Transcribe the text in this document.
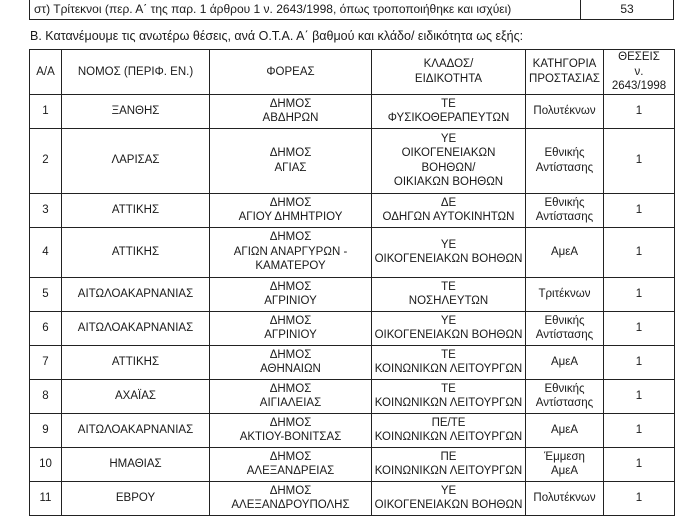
στ) Τρίτεκνοι (περ. Α΄ της παρ. 1 άρθρου 1 ν. 2643/1998, όπως τροποποιήθηκε και ισχύει)	53
Β. Κατανέμουμε τις ανωτέρω θέσεις, ανά Ο.Τ.Α. Α΄ βαθμού και κλάδο/ ειδικότητα ως εξής:
Α/Α	ΝΟΜΟΣ (ΠΕΡΙΦ. ΕΝ.)	ΦΟΡΕΑΣ	ΚΛΑΔΟΣ/
ΕΙΔΙΚΟΤΗΤΑ	ΚΑΤΗΓΟΡΙΑ
ΠΡΟΣΤΑΣΙΑΣ	ΘΕΣΕΙΣ
ν. 2643/1998
1	ΞΑΝΘΗΣ	ΔΗΜΟΣ
ΑΒΔΗΡΩΝ	ΤΕ
ΦΥΣΙΚΟΘΕΡΑΠΕΥΤΩΝ	Πολυτέκνων	1
2	ΛΑΡΙΣΑΣ	ΔΗΜΟΣ
ΑΓΙΑΣ	ΥΕ
ΟΙΚΟΓΕΝΕΙΑΚΩΝ
ΒΟΗΘΩΝ/
ΟΙΚΙΑΚΩΝ ΒΟΗΘΩΝ	Εθνικής
Αντίστασης	1
3	ΑΤΤΙΚΗΣ	ΔΗΜΟΣ
ΑΓΙΟΥ ΔΗΜΗΤΡΙΟΥ	ΔΕ
ΟΔΗΓΩΝ ΑΥΤΟΚΙΝΗΤΩΝ	Εθνικής
Αντίστασης	1
4	ΑΤΤΙΚΗΣ	ΔΗΜΟΣ
ΑΓΙΩΝ ΑΝΑΡΓΥΡΩΝ -
ΚΑΜΑΤΕΡΟΥ	ΥΕ
ΟΙΚΟΓΕΝΕΙΑΚΩΝ ΒΟΗΘΩΝ	ΑμεΑ	1
5	ΑΙΤΩΛΟΑΚΑΡΝΑΝΙΑΣ	ΔΗΜΟΣ
ΑΓΡΙΝΙΟΥ	ΤΕ
ΝΟΣΗΛΕΥΤΩΝ	Τριτέκνων	1
6	ΑΙΤΩΛΟΑΚΑΡΝΑΝΙΑΣ	ΔΗΜΟΣ
ΑΓΡΙΝΙΟΥ	ΥΕ
ΟΙΚΟΓΕΝΕΙΑΚΩΝ ΒΟΗΘΩΝ	Εθνικής
Αντίστασης	1
7	ΑΤΤΙΚΗΣ	ΔΗΜΟΣ
ΑΘΗΝΑΙΩΝ	ΤΕ
ΚΟΙΝΩΝΙΚΩΝ ΛΕΙΤΟΥΡΓΩΝ	ΑμεΑ	1
8	ΑΧΑΪΑΣ	ΔΗΜΟΣ
ΑΙΓΙΑΛΕΙΑΣ	ΤΕ
ΚΟΙΝΩΝΙΚΩΝ ΛΕΙΤΟΥΡΓΩΝ	Εθνικής
Αντίστασης	1
9	ΑΙΤΩΛΟΑΚΑΡΝΑΝΙΑΣ	ΔΗΜΟΣ
ΑΚΤΙΟΥ-ΒΟΝΙΤΣΑΣ	ΠΕ/ΤΕ
ΚΟΙΝΩΝΙΚΩΝ ΛΕΙΤΟΥΡΓΩΝ	ΑμεΑ	1
10	ΗΜΑΘΙΑΣ	ΔΗΜΟΣ
ΑΛΕΞΑΝΔΡΕΙΑΣ	ΠΕ
ΚΟΙΝΩΝΙΚΩΝ ΛΕΙΤΟΥΡΓΩΝ	Έμμεση
ΑμεΑ	1
11	ΕΒΡΟΥ	ΔΗΜΟΣ
ΑΛΕΞΑΝΔΡΟΥΠΟΛΗΣ	ΥΕ
ΟΙΚΟΓΕΝΕΙΑΚΩΝ ΒΟΗΘΩΝ	Πολυτέκνων	1
